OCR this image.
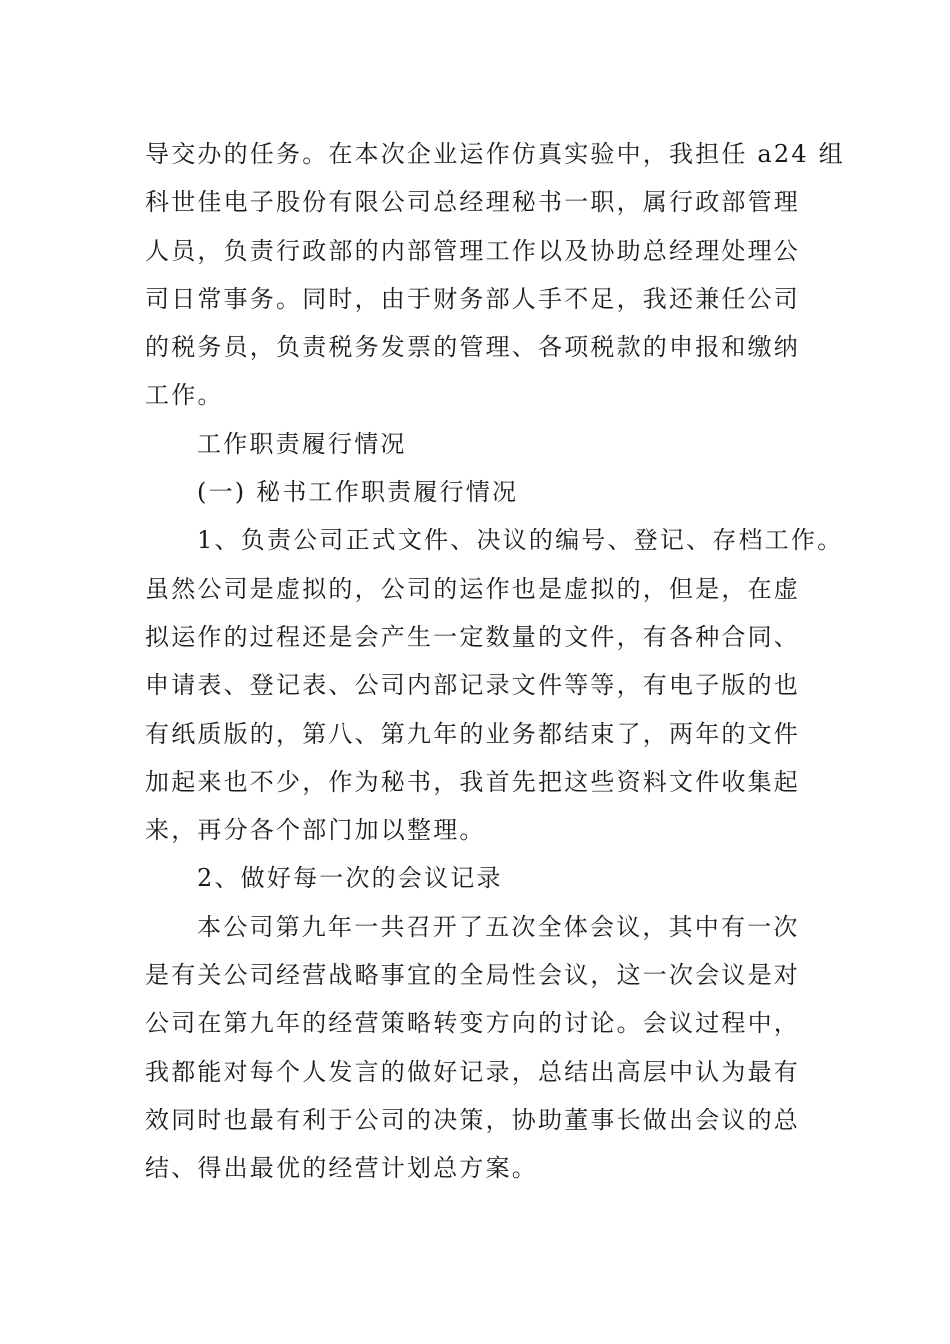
导交办的任务。在本次企业运作仿真实验中，我担任 a24 组
科世佳电子股份有限公司总经理秘书一职，属行政部管理
人员，负责行政部的内部管理工作以及协助总经理处理公
司日常事务。同时，由于财务部人手不足，我还兼任公司
的税务员，负责税务发票的管理、各项税款的申报和缴纳
工作。
工作职责履行情况
(一) 秘书工作职责履行情况
1、负责公司正式文件、决议的编号、登记、存档工作。
虽然公司是虚拟的，公司的运作也是虚拟的，但是，在虚
拟运作的过程还是会产生一定数量的文件，有各种合同、
申请表、登记表、公司内部记录文件等等，有电子版的也
有纸质版的，第八、第九年的业务都结束了，两年的文件
加起来也不少，作为秘书，我首先把这些资料文件收集起
来，再分各个部门加以整理。
2、做好每一次的会议记录
本公司第九年一共召开了五次全体会议，其中有一次
是有关公司经营战略事宜的全局性会议，这一次会议是对
公司在第九年的经营策略转变方向的讨论。会议过程中，
我都能对每个人发言的做好记录，总结出高层中认为最有
效同时也最有利于公司的决策，协助董事长做出会议的总
结、得出最优的经营计划总方案。
